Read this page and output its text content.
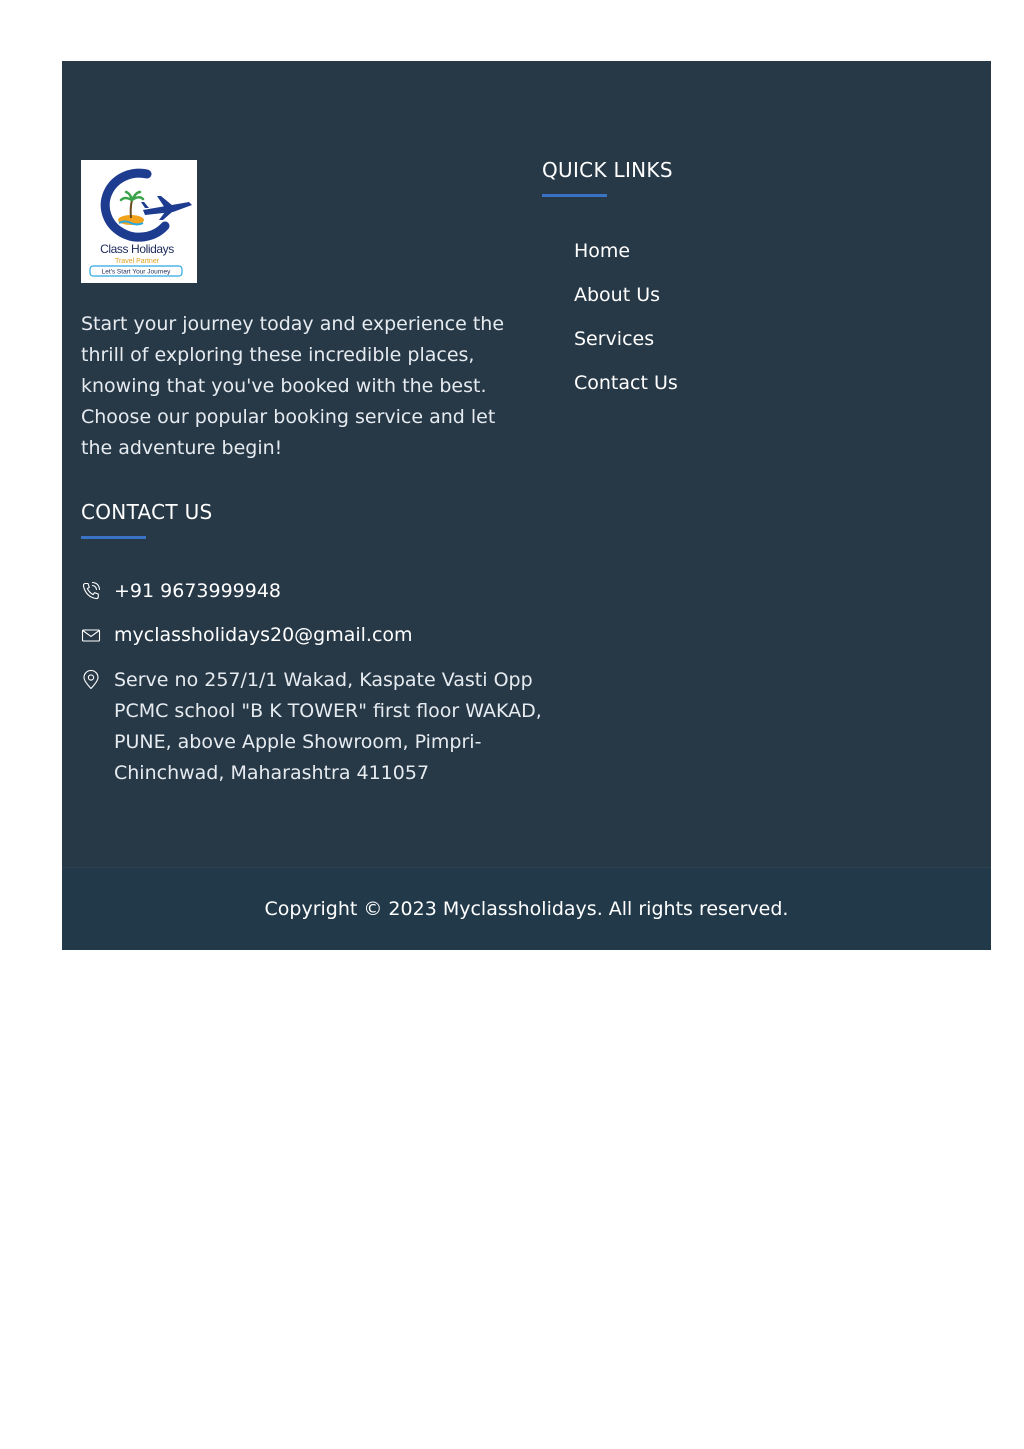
Class Holidays
Travel Partner
Let's Start Your Journey

Start your journey today and experience the thrill of exploring these incredible places, knowing that you've booked with the best. Choose our popular booking service and let the adventure begin!

QUICK LINKS
Home
About Us
Services
Contact Us
CONTACT US
+91 9673999948
myclassholidays20@gmail.com
Serve no 257/1/1 Wakad, Kaspate Vasti Opp PCMC school "B K TOWER" first floor WAKAD, PUNE, above Apple Showroom, Pimpri-Chinchwad, Maharashtra 411057
Copyright © 2023 Myclassholidays. All rights reserved.
